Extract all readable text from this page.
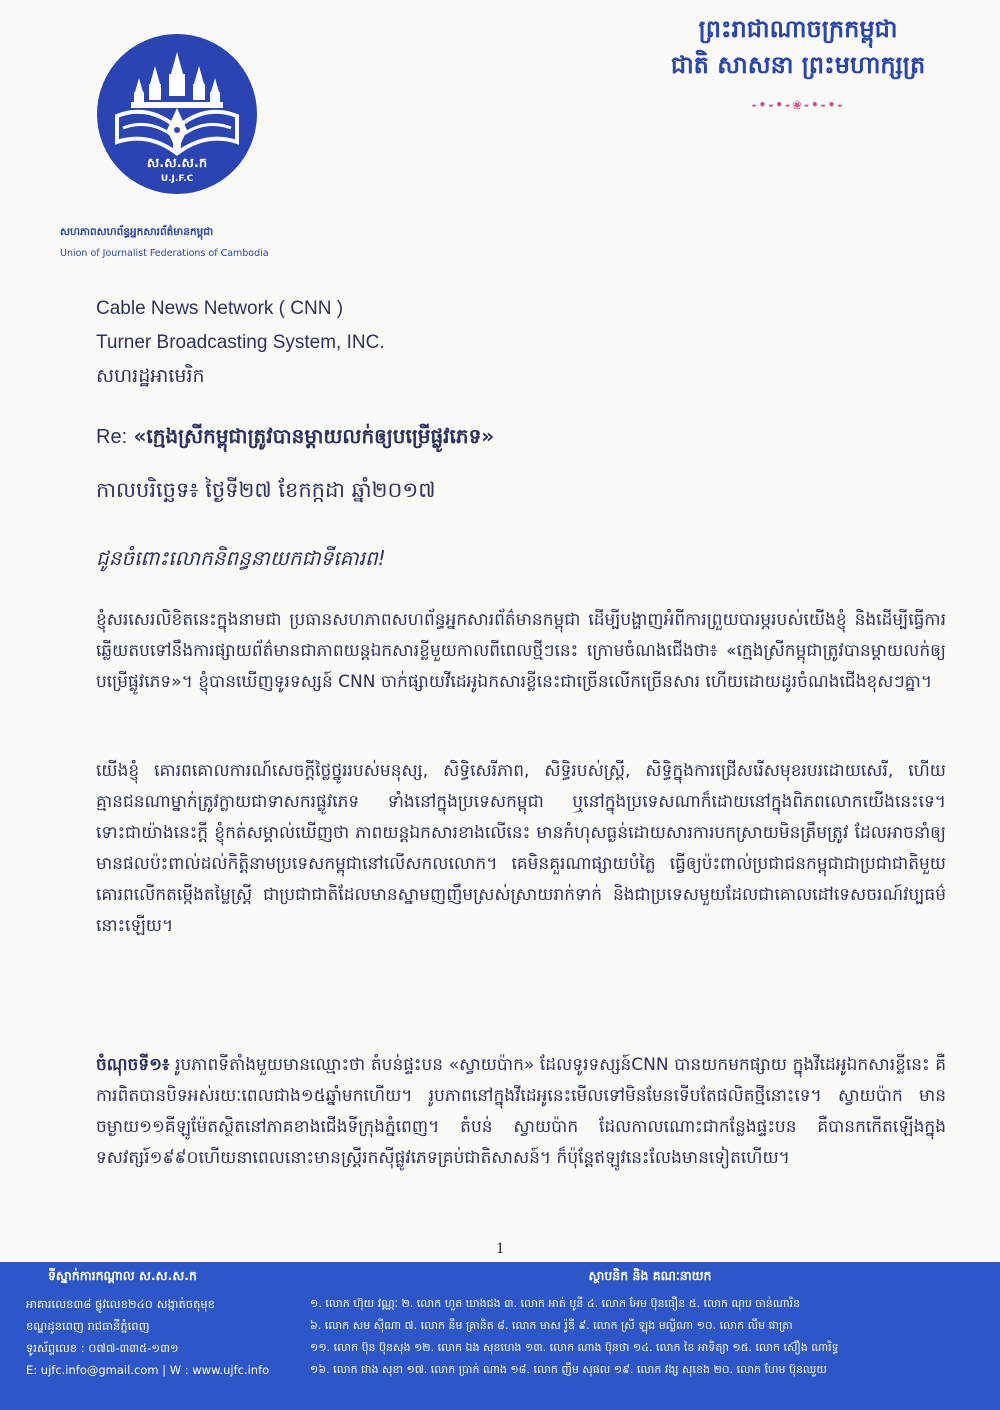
ស.ស.ស.ក
U.J.F.C
សហភាពសហព័ន្ធអ្នកសារព័ត៌មានកម្ពុជា
Union of Journalist Federations of Cambodia
ព្រះរាជាណាចក្រកម្ពុជា
ជាតិ សាសនា ព្រះមហាក្សត្រ
-•-•-❀-•-•-
Cable News Network ( CNN )
Turner Broadcasting System, INC.
សហរដ្ឋអាមេរិក
Re: «ក្មេងស្រីកម្ពុជាត្រូវបានម្ដាយលក់ឲ្យបម្រើផ្លូវភេទ»
កាលបរិច្ឆេទ៖ ថ្ងៃទី២៧ ខែកក្កដា ឆ្នាំ២០១៧
ជូនចំពោះលោកនិពន្ធនាយកជាទីគោរព!
ខ្ញុំសរសេរលិខិតនេះក្នុងនាមជា ប្រធានសហភាពសហព័ន្ធអ្នកសារព័ត៌មានកម្ពុជា ដើម្បីបង្ហាញអំពីការព្រួយបារម្ភរបស់យើងខ្ញុំ និងដើម្បីធ្វើការឆ្លើយតបទៅនឹងការផ្សាយព័ត៌មានជាភាពយន្តឯកសារខ្លីមួយកាលពីពេលថ្មីៗនេះ ក្រោមចំណងជើងថា៖ «ក្មេងស្រីកម្ពុជាត្រូវបានម្ដាយលក់ឲ្យបម្រើផ្លូវភេទ»។ ខ្ញុំបានឃើញទូរទស្សន៍ CNN ចាក់ផ្សាយវីដេអូឯកសារខ្លីនេះជាច្រើនលើកច្រើនសារ ហើយដោយដូរចំណងជើងខុសៗគ្នា។
យើងខ្ញុំ គោរពគោលការណ៍សេចក្ដីថ្លៃថ្នូររបស់មនុស្ស, សិទ្ធិសេរីភាព, សិទ្ធិរបស់ស្ត្រី, សិទ្ធិក្នុងការជ្រើសរើសមុខរបរដោយសេរី, ហើយគ្មានជនណាម្នាក់ត្រូវក្លាយជាទាសករផ្លូវភេទ ទាំងនៅក្នុងប្រទេសកម្ពុជា ឬនៅក្នុងប្រទេសណាក៏ដោយនៅក្នុងពិភពលោកយើងនេះទេ។ ទោះជាយ៉ាងនេះក្ដី ខ្ញុំកត់សម្គាល់ឃើញថា ភាពយន្តឯកសារខាងលើនេះ មានកំហុសធ្ងន់ដោយសារការបកស្រាយមិនត្រឹមត្រូវ ដែលអាចនាំឲ្យមានផលប៉ះពាល់ដល់កិត្តិនាមប្រទេសកម្ពុជានៅលើសកលលោក។ គេមិនគួរណាផ្សាយបំភ្លៃ ធ្វើឲ្យប៉ះពាល់ប្រជាជនកម្ពុជាជាប្រជាជាតិមួយគោរពលើកតម្កើងតម្លៃស្ត្រី ជាប្រជាជាតិដែលមានស្នាមញញឹមស្រស់ស្រាយរាក់ទាក់ និងជាប្រទេសមួយដែលជាគោលដៅទេសចរណ៍វប្បធម៌នោះឡើយ។
ចំណុចទី១៖ រូបភាពទីតាំងមួយមានឈ្មោះថា តំបន់ផ្ទះបន «ស្វាយប៉ាក» ដែលទូរទស្សន៍CNN បានយកមកផ្សាយ ក្នុងវីដេអូឯកសារខ្លីនេះ គឺការពិតបានបិទអស់រយៈពេលជាង១៥ឆ្នាំមកហើយ។ រូបភាពនៅក្នុងវីដេអូនេះមើលទៅមិនមែនទើបតែផលិតថ្មីនោះទេ។ ស្វាយប៉ាក មានចម្ងាយ១១គីឡូម៉ែតស្ថិតនៅភាគខាងជើងទីក្រុងភ្នំពេញ។ តំបន់ ស្វាយប៉ាក ដែលកាលណោះជាកន្លែងផ្ទះបន គឺបានកកើតឡើងក្នុងទសវត្សរ៍១៩៩០ហើយនាពេលនោះមានស្ត្រីរកស៊ីផ្លូវភេទគ្រប់ជាតិសាសន៍។ ក៏ប៉ុន្តែឥឡូវនេះលែងមានទៀតហើយ។
1
ទីស្នាក់ការកណ្ដាល ស.ស.ស.ក
អាគារលេខ៣៨ ផ្លូវលេខ២៤០ សង្កាត់ចតុមុខ
ខណ្ឌដូនពេញ រាជធានីភ្នំពេញ
ទូរស័ព្ទលេខ : ០៧៧-៣៣៥-១៣១
E: ujfc.info@gmail.com | W : www.ujfc.info
ស្ថាបនិក និង គណៈនាយក
១. លោក ហ៊ុយ វណ្ណៈ ២. លោក ហួត ឃាងជង ៣. លោក អាត់ បូនី ៤. លោក អែម ប៊ុនធឿន ៥. លោក ណុប ចាន់ណារិន
៦. លោក សម ស៊ីណា ៧. លោក នឹម គ្រានិត ៨. លោក មាស រ៉ូឌី ៩. លោក ស្រី ឡុង មល្លីណា ១០. លោក លឹម ផាត្រា
១១. លោក ប៊ុន ប៊ុនសុង ១២. លោក ឯង សុខហេង ១៣. លោក ណាង ប៊ុនថា ១៤. លោក ខៃ អាទិត្យា ១៥. លោក ស៊ឿង ណារិទ្ធ
១៦. លោក ជាង សុខា ១៧. លោក ប្រាក់ ណាង ១៨. លោក ញឹម សុផល ១៩. លោក វង្ស សុខេង ២០. លោក ហែម ប៊ុនឈួយ
